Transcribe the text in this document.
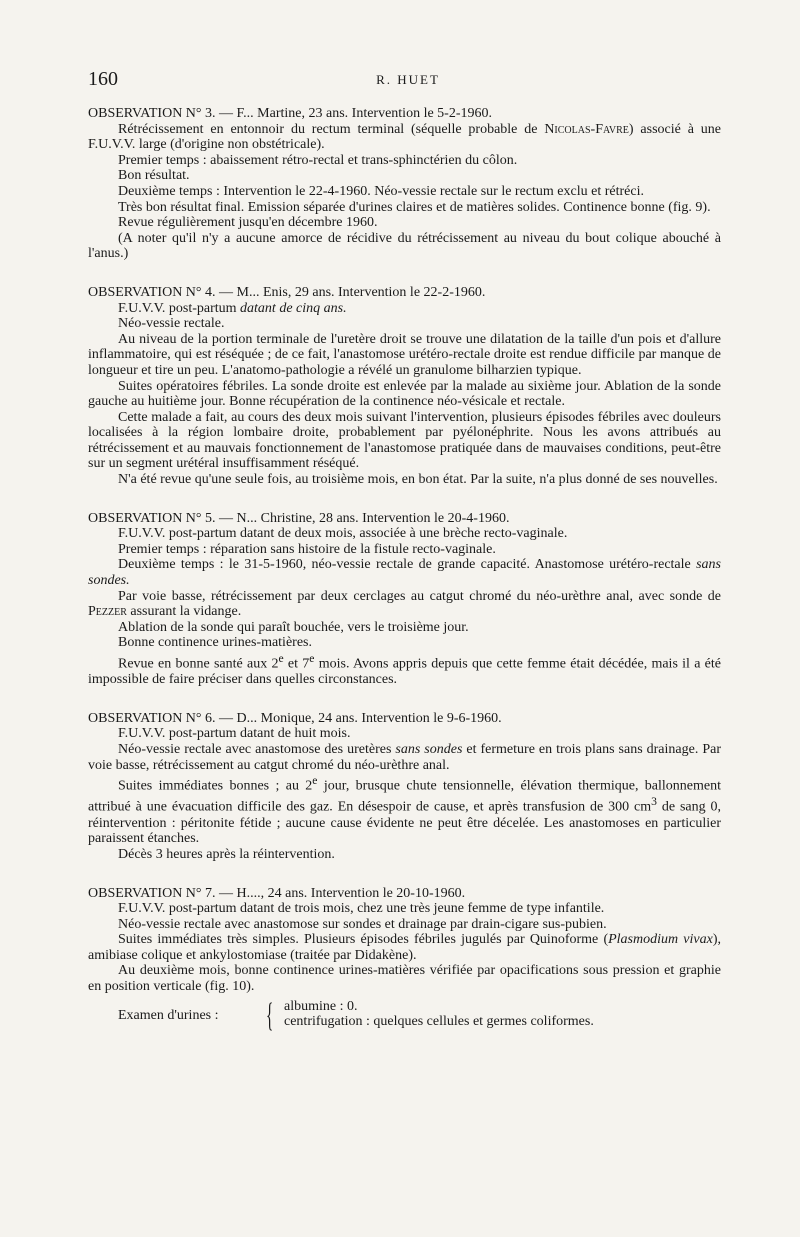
160	R. HUET

OBSERVATION N° 3. — F... Martine, 23 ans. Intervention le 5-2-1960.

Rétrécissement en entonnoir du rectum terminal (séquelle probable de Nicolas-Favre) associé à une F.U.V.V. large (d'origine non obstétricale).

Premier temps : abaissement rétro-rectal et trans-sphinctérien du côlon.

Bon résultat.

Deuxième temps : Intervention le 22-4-1960. Néo-vessie rectale sur le rectum exclu et rétréci.

Très bon résultat final. Emission séparée d'urines claires et de matières solides. Continence bonne (fig. 9).

Revue régulièrement jusqu'en décembre 1960.

(A noter qu'il n'y a aucune amorce de récidive du rétrécissement au niveau du bout colique abouché à l'anus.)

OBSERVATION N° 4. — M... Enis, 29 ans. Intervention le 22-2-1960.

F.U.V.V. post-partum datant de cinq ans.

Néo-vessie rectale.

Au niveau de la portion terminale de l'uretère droit se trouve une dilatation de la taille d'un pois et d'allure inflammatoire, qui est réséquée ; de ce fait, l'anastomose urétéro-rectale droite est rendue difficile par manque de longueur et tire un peu. L'anatomo-pathologie a révélé un granulome bilharzien typique.

Suites opératoires fébriles. La sonde droite est enlevée par la malade au sixième jour. Ablation de la sonde gauche au huitième jour. Bonne récupération de la continence néo-vésicale et rectale.

Cette malade a fait, au cours des deux mois suivant l'intervention, plusieurs épisodes fébriles avec douleurs localisées à la région lombaire droite, probablement par pyélonéphrite. Nous les avons attribués au rétrécissement et au mauvais fonctionnement de l'anastomose pratiquée dans de mauvaises conditions, peut-être sur un segment urétéral insuffisamment réséqué.

N'a été revue qu'une seule fois, au troisième mois, en bon état. Par la suite, n'a plus donné de ses nouvelles.

OBSERVATION N° 5. — N... Christine, 28 ans. Intervention le 20-4-1960.

F.U.V.V. post-partum datant de deux mois, associée à une brèche recto-vaginale.

Premier temps : réparation sans histoire de la fistule recto-vaginale.

Deuxième temps : le 31-5-1960, néo-vessie rectale de grande capacité. Anastomose urétéro-rectale sans sondes.

Par voie basse, rétrécissement par deux cerclages au catgut chromé du néo-urèthre anal, avec sonde de Pezzer assurant la vidange.

Ablation de la sonde qui paraît bouchée, vers le troisième jour.

Bonne continence urines-matières.

Revue en bonne santé aux 2e et 7e mois. Avons appris depuis que cette femme était décédée, mais il a été impossible de faire préciser dans quelles circonstances.

OBSERVATION N° 6. — D... Monique, 24 ans. Intervention le 9-6-1960.

F.U.V.V. post-partum datant de huit mois.

Néo-vessie rectale avec anastomose des uretères sans sondes et fermeture en trois plans sans drainage. Par voie basse, rétrécissement au catgut chromé du néo-urèthre anal.

Suites immédiates bonnes ; au 2e jour, brusque chute tensionnelle, élévation thermique, ballonnement attribué à une évacuation difficile des gaz. En désespoir de cause, et après transfusion de 300 $cm^3$ de sang 0, réintervention : péritonite fétide ; aucune cause évidente ne peut être décelée. Les anastomoses en particulier paraissent étanches.

Décès 3 heures après la réintervention.

OBSERVATION N° 7. — H...., 24 ans. Intervention le 20-10-1960.

F.U.V.V. post-partum datant de trois mois, chez une très jeune femme de type infantile.

Néo-vessie rectale avec anastomose sur sondes et drainage par drain-cigare sus-pubien.

Suites immédiates très simples. Plusieurs épisodes fébriles jugulés par Quinoforme (Plasmodium vivax), amibiase colique et ankylostomiase (traitée par Didakène).

Au deuxième mois, bonne continence urines-matières vérifiée par opacifications sous pression et graphie en position verticale (fig. 10).

Examen d'urines : { albumine : 0.
centrifugation : quelques cellules et germes coliformes.
